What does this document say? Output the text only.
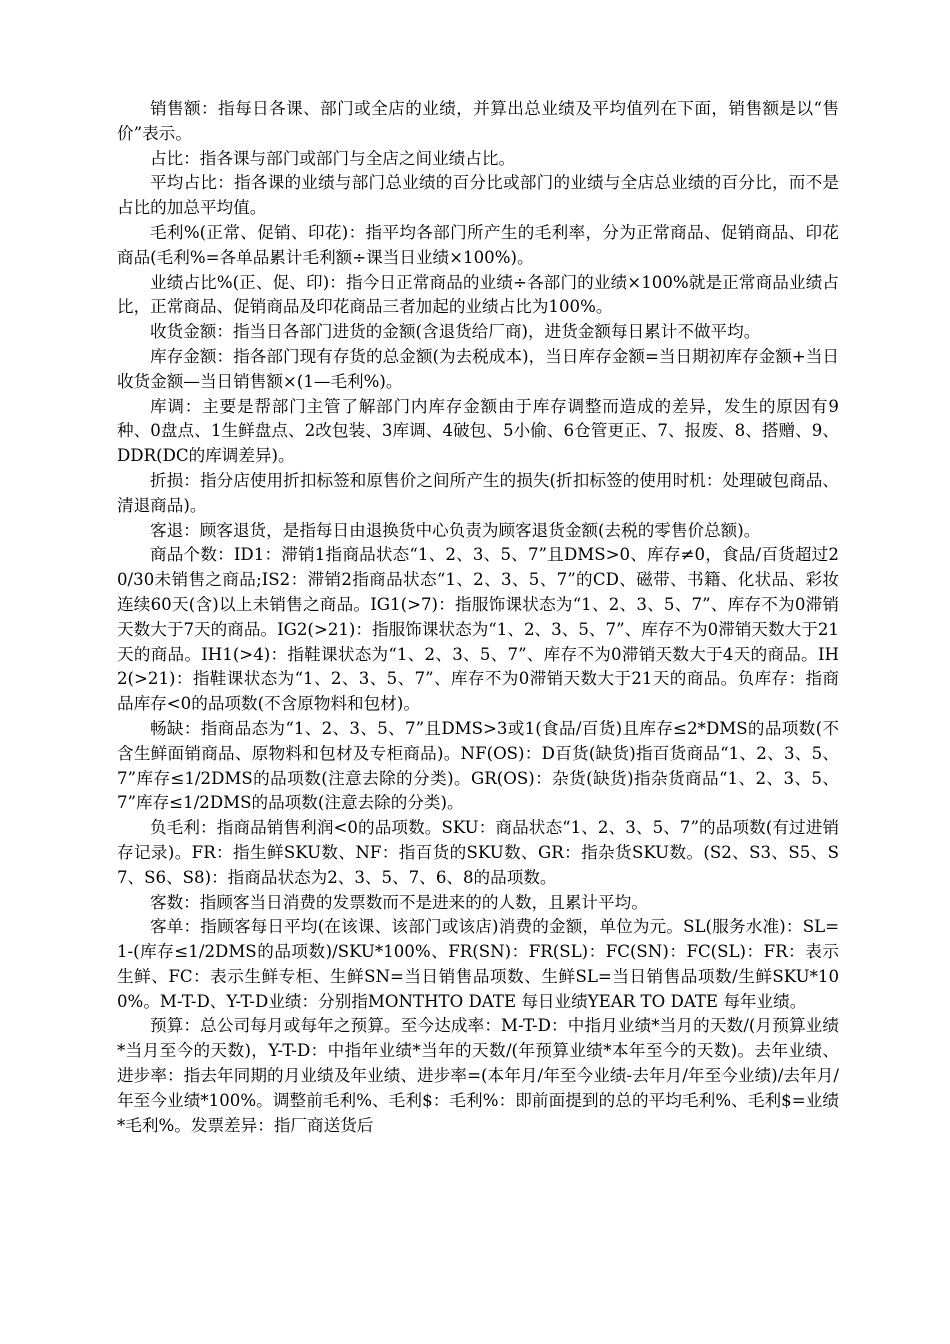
销售额：指每日各课、部门或全店的业绩，并算出总业绩及平均值列在下面，销售额是以“售价”表示。

占比：指各课与部门或部门与全店之间业绩占比。

平均占比：指各课的业绩与部门总业绩的百分比或部门的业绩与全店总业绩的百分比，而不是占比的加总平均值。

毛利%(正常、促销、印花)：指平均各部门所产生的毛利率，分为正常商品、促销商品、印花商品(毛利%=各单品累计毛利额÷课当日业绩×100%)。

业绩占比%(正、促、印)：指今日正常商品的业绩÷各部门的业绩×100%就是正常商品业绩占比，正常商品、促销商品及印花商品三者加起的业绩占比为100%。

收货金额：指当日各部门进货的金额(含退货给厂商)，进货金额每日累计不做平均。

库存金额：指各部门现有存货的总金额(为去税成本)，当日库存金额=当日期初库存金额+当日收货金额—当日销售额×(1—毛利%)。

库调：主要是帮部门主管了解部门内库存金额由于库存调整而造成的差异，发生的原因有9种、0盘点、1生鲜盘点、2改包装、3库调、4破包、5小偷、6仓管更正、7、报废、8、搭赠、9、DDR(DC的库调差异)。

折损：指分店使用折扣标签和原售价之间所产生的损失(折扣标签的使用时机：处理破包商品、清退商品)。

客退：顾客退货，是指每日由退换货中心负责为顾客退货金额(去税的零售价总额)。

商品个数：ID1：滞销1指商品状态“1、2、3、5、7”且DMS>0、库存≠0，食品/百货超过20/30未销售之商品;IS2：滞销2指商品状态“1、2、3、5、7”的CD、磁带、书籍、化状品、彩妆连续60天(含)以上未销售之商品。IG1(>7)：指服饰课状态为“1、2、3、5、7”、库存不为0滞销天数大于7天的商品。IG2(>21)：指服饰课状态为“1、2、3、5、7”、库存不为0滞销天数大于21天的商品。IH1(>4)：指鞋课状态为“1、2、3、5、7”、库存不为0滞销天数大于4天的商品。IH2(>21)：指鞋课状态为“1、2、3、5、7”、库存不为0滞销天数大于21天的商品。负库存：指商品库存<0的品项数(不含原物料和包材)。

畅缺：指商品态为“1、2、3、5、7”且DMS>3或1(食品/百货)且库存≤2*DMS的品项数(不含生鲜面销商品、原物料和包材及专柜商品)。NF(OS)：D百货(缺货)指百货商品“1、2、3、5、7”库存≤1/2DMS的品项数(注意去除的分类)。GR(OS)：杂货(缺货)指杂货商品“1、2、3、5、7”库存≤1/2DMS的品项数(注意去除的分类)。

负毛利：指商品销售利润<0的品项数。SKU：商品状态“1、2、3、5、7”的品项数(有过进销存记录)。FR：指生鲜SKU数、NF：指百货的SKU数、GR：指杂货SKU数。(S2、S3、S5、S7、S6、S8)：指商品状态为2、3、5、7、6、8的品项数。

客数：指顾客当日消费的发票数而不是进来的的人数，且累计平均。

客单：指顾客每日平均(在该课、该部门或该店)消费的金额，单位为元。SL(服务水准)：SL=1-(库存≤1/2DMS的品项数)/SKU*100%、FR(SN)：FR(SL)：FC(SN)：FC(SL)：FR：表示生鲜、FC：表示生鲜专柜、生鲜SN=当日销售品项数、生鲜SL=当日销售品项数/生鲜SKU*100%。M-T-D、Y-T-D业绩：分别指MONTHTO DATE 每日业绩YEAR TO DATE 每年业绩。

预算：总公司每月或每年之预算。至今达成率：M-T-D：中指月业绩*当月的天数/(月预算业绩*当月至今的天数)，Y-T-D：中指年业绩*当年的天数/(年预算业绩*本年至今的天数)。去年业绩、进步率：指去年同期的月业绩及年业绩、进步率=(本年月/年至今业绩-去年月/年至今业绩)/去年月/年至今业绩*100%。调整前毛利%、毛利$：毛利%：即前面提到的总的平均毛利%、毛利$=业绩*毛利%。发票差异：指厂商送货后
